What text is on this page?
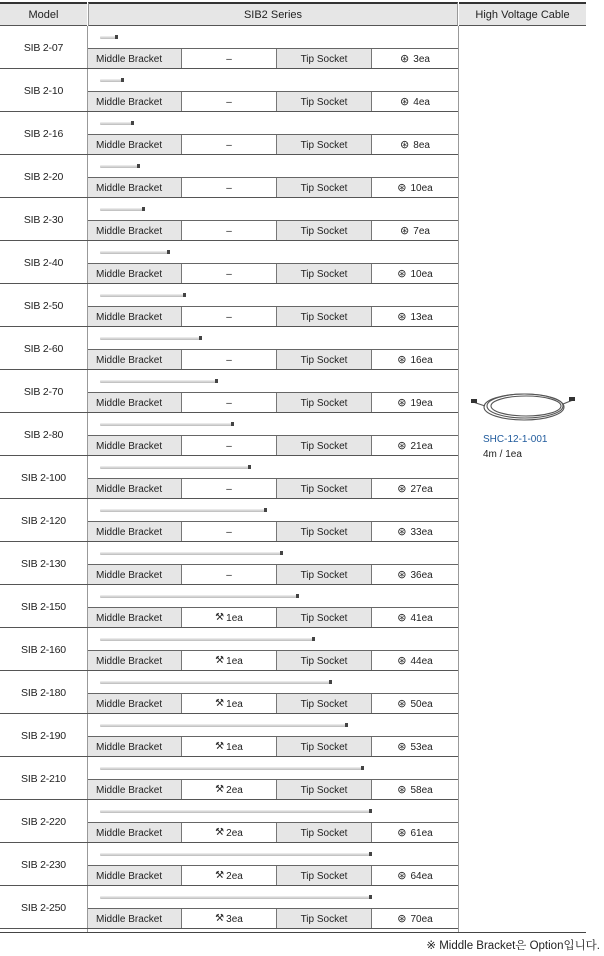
Model	SIB2 Series	High Voltage Cable
SIB 2-07
Middle Bracket	–	Tip Socket	⊛ 3ea
SIB 2-10
Middle Bracket	–	Tip Socket	⊛ 4ea
SIB 2-16
Middle Bracket	–	Tip Socket	⊛ 8ea
SIB 2-20
Middle Bracket	–	Tip Socket	⊛ 10ea
SIB 2-30
Middle Bracket	–	Tip Socket	⊛ 7ea
SIB 2-40
Middle Bracket	–	Tip Socket	⊛ 10ea
SIB 2-50
Middle Bracket	–	Tip Socket	⊛ 13ea
SIB 2-60
Middle Bracket	–	Tip Socket	⊛ 16ea
SIB 2-70
Middle Bracket	–	Tip Socket	⊛ 19ea
SIB 2-80
Middle Bracket	–	Tip Socket	⊛ 21ea
SIB 2-100
Middle Bracket	–	Tip Socket	⊛ 27ea
SIB 2-120
Middle Bracket	–	Tip Socket	⊛ 33ea
SIB 2-130
Middle Bracket	–	Tip Socket	⊛ 36ea
SIB 2-150
Middle Bracket	⚒ 1ea	Tip Socket	⊛ 41ea
SIB 2-160
Middle Bracket	⚒ 1ea	Tip Socket	⊛ 44ea
SIB 2-180
Middle Bracket	⚒ 1ea	Tip Socket	⊛ 50ea
SIB 2-190
Middle Bracket	⚒ 1ea	Tip Socket	⊛ 53ea
SIB 2-210
Middle Bracket	⚒ 2ea	Tip Socket	⊛ 58ea
SIB 2-220
Middle Bracket	⚒ 2ea	Tip Socket	⊛ 61ea
SIB 2-230
Middle Bracket	⚒ 2ea	Tip Socket	⊛ 64ea
SIB 2-250
Middle Bracket	⚒ 3ea	Tip Socket	⊛ 70ea
SHC-12-1-001
4m / 1ea
※ Middle Bracket은 Option입니다.
